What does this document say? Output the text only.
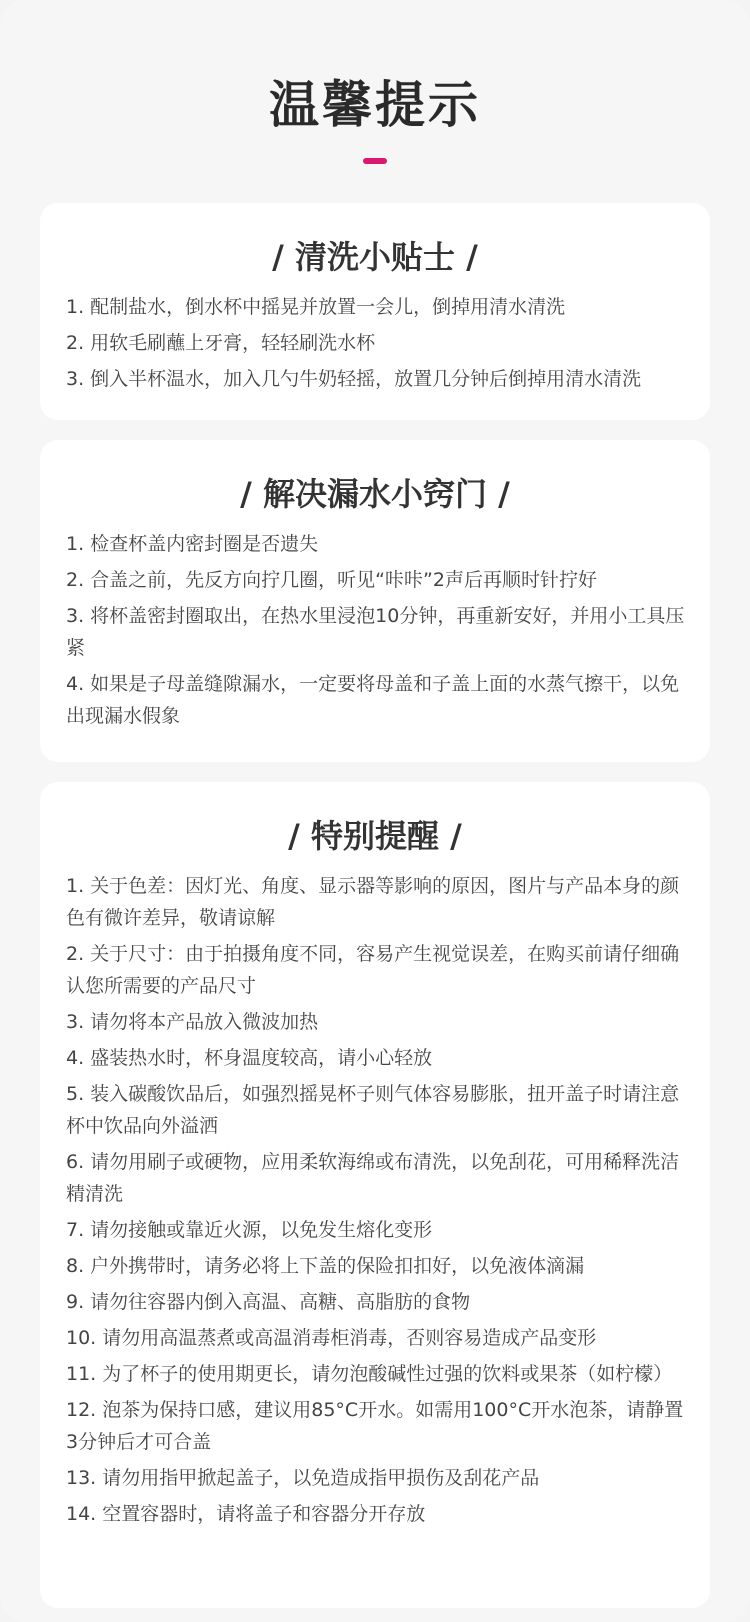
温馨提示
/ 清洗小贴士 /
1. 配制盐水，倒水杯中摇晃并放置一会儿，倒掉用清水清洗
2. 用软毛刷蘸上牙膏，轻轻刷洗水杯
3. 倒入半杯温水，加入几勺牛奶轻摇，放置几分钟后倒掉用清水清洗
/ 解决漏水小窍门 /
1. 检查杯盖内密封圈是否遗失
2. 合盖之前，先反方向拧几圈，听见“咔咔”2声后再顺时针拧好
3. 将杯盖密封圈取出，在热水里浸泡10分钟，再重新安好，并用小工具压紧
4. 如果是子母盖缝隙漏水，一定要将母盖和子盖上面的水蒸气擦干，以免出现漏水假象
/ 特别提醒 /
1. 关于色差：因灯光、角度、显示器等影响的原因，图片与产品本身的颜色有微许差异，敬请谅解
2. 关于尺寸：由于拍摄角度不同，容易产生视觉误差，在购买前请仔细确认您所需要的产品尺寸
3. 请勿将本产品放入微波加热
4. 盛装热水时，杯身温度较高，请小心轻放
5. 装入碳酸饮品后，如强烈摇晃杯子则气体容易膨胀，扭开盖子时请注意杯中饮品向外溢洒
6. 请勿用刷子或硬物，应用柔软海绵或布清洗，以免刮花，可用稀释洗洁精清洗
7. 请勿接触或靠近火源，以免发生熔化变形
8. 户外携带时，请务必将上下盖的保险扣扣好，以免液体滴漏
9. 请勿往容器内倒入高温、高糖、高脂肪的食物
10. 请勿用高温蒸煮或高温消毒柜消毒，否则容易造成产品变形
11. 为了杯子的使用期更长，请勿泡酸碱性过强的饮料或果茶（如柠檬）
12. 泡茶为保持口感，建议用85°C开水。如需用100°C开水泡茶，请静置3分钟后才可合盖
13. 请勿用指甲掀起盖子，以免造成指甲损伤及刮花产品
14. 空置容器时，请将盖子和容器分开存放
